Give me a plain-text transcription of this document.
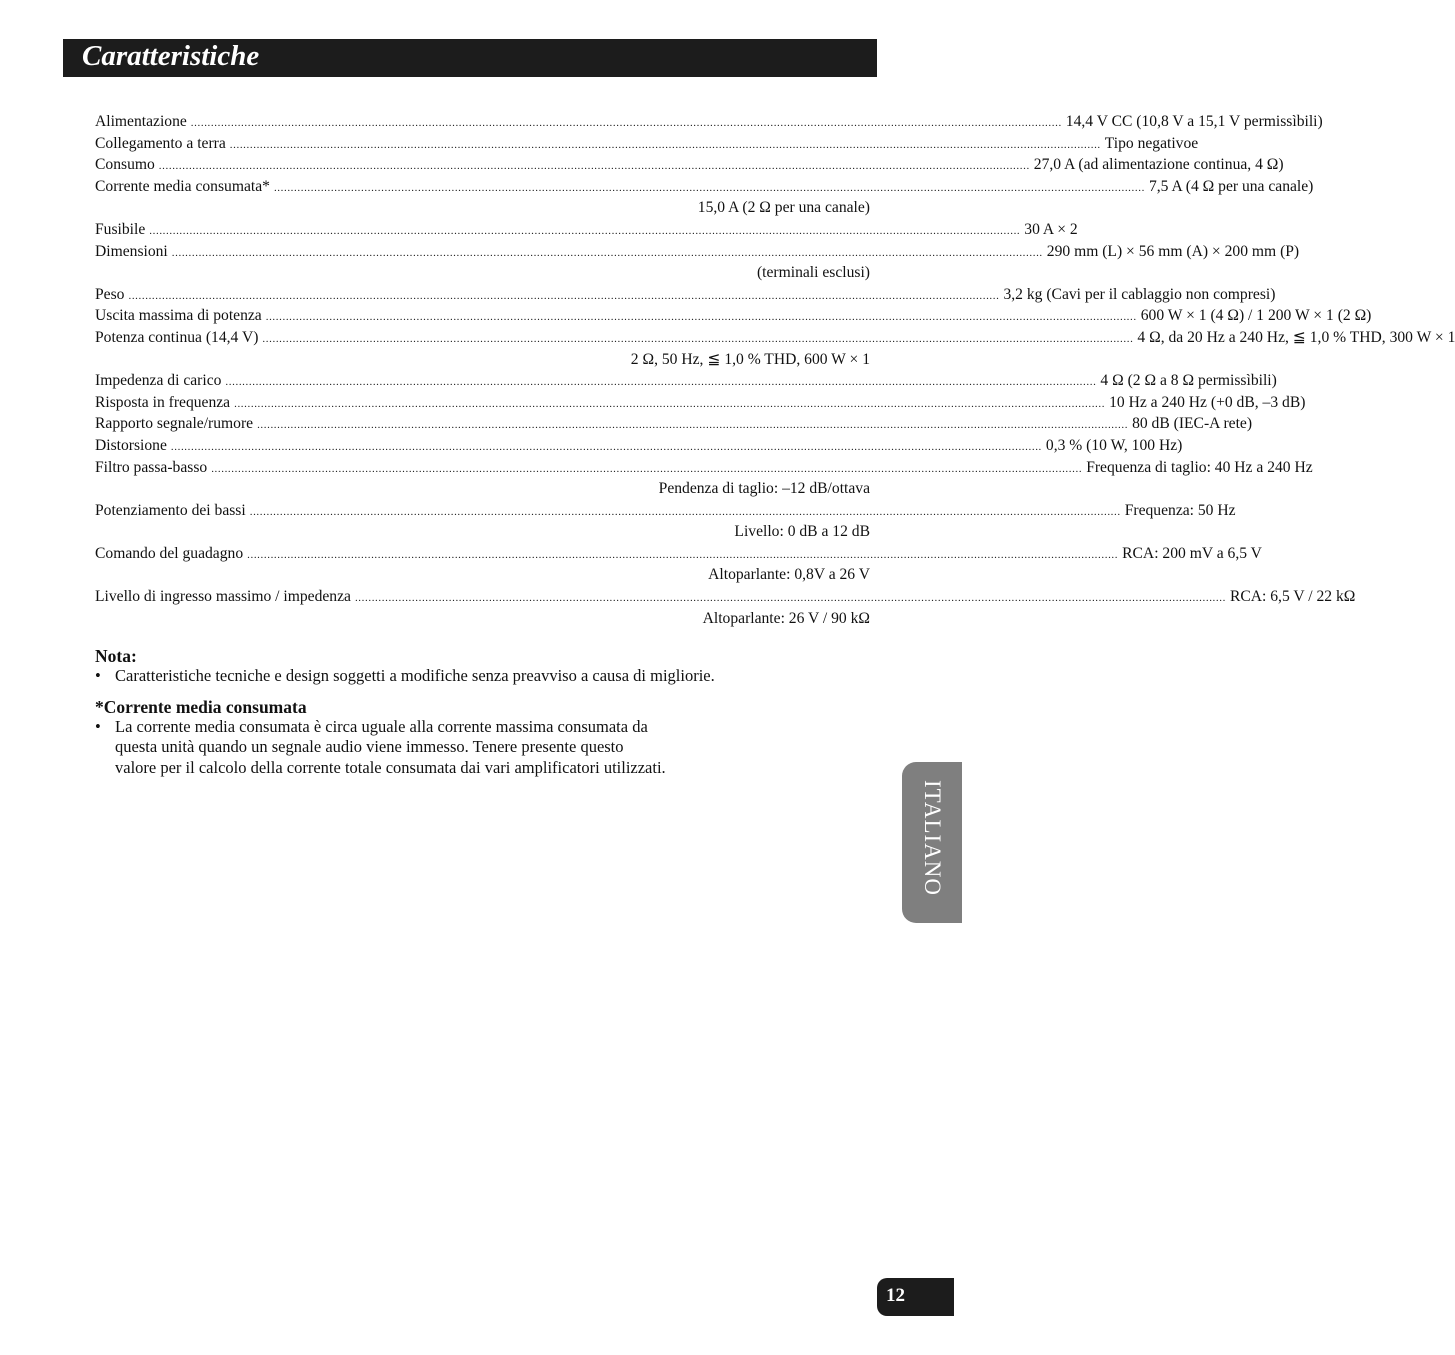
Caratteristiche
Alimentazione .................................................................................................................................................................................................................................................................... 14,4 V CC (10,8 V a 15,1 V permissìbili)
Collegamento a terra .................................................................................................................................................................................................................................................................... Tipo negativoe
Consumo .................................................................................................................................................................................................................................................................... 27,0 A (ad alimentazione continua, 4 Ω)
Corrente media consumata* .................................................................................................................................................................................................................................................................... 7,5 A (4 Ω per una canale)
15,0 A (2 Ω per una canale)
Fusibile .................................................................................................................................................................................................................................................................... 30 A × 2
Dimensioni .................................................................................................................................................................................................................................................................... 290 mm (L) × 56 mm (A) × 200 mm (P)
(terminali esclusi)
Peso .................................................................................................................................................................................................................................................................... 3,2 kg (Cavi per il cablaggio non compresi)
Uscita massima di potenza .................................................................................................................................................................................................................................................................... 600 W × 1 (4 Ω) / 1 200 W × 1 (2 Ω)
Potenza continua (14,4 V) .................................................................................................................................................................................................................................................................... 4 Ω, da 20 Hz a 240 Hz, ≦ 1,0 % THD, 300 W × 1
2 Ω, 50 Hz, ≦ 1,0 % THD, 600 W × 1
Impedenza di carico .................................................................................................................................................................................................................................................................... 4 Ω (2 Ω a 8 Ω permissìbili)
Risposta in frequenza .................................................................................................................................................................................................................................................................... 10 Hz a 240 Hz (+0 dB, –3 dB)
Rapporto segnale/rumore .................................................................................................................................................................................................................................................................... 80 dB (IEC-A rete)
Distorsione .................................................................................................................................................................................................................................................................... 0,3 % (10 W, 100 Hz)
Filtro passa-basso .................................................................................................................................................................................................................................................................... Frequenza di taglio: 40 Hz a 240 Hz
Pendenza di taglio: –12 dB/ottava
Potenziamento dei bassi .................................................................................................................................................................................................................................................................... Frequenza: 50 Hz
Livello: 0 dB a 12 dB
Comando del guadagno .................................................................................................................................................................................................................................................................... RCA: 200 mV a 6,5 V
Altoparlante: 0,8V a 26 V
Livello di ingresso massimo / impedenza .................................................................................................................................................................................................................................................................... RCA: 6,5 V / 22 kΩ
Altoparlante: 26 V / 90 kΩ

Nota:

• Caratteristiche tecniche e design soggetti a modifiche senza preavviso a causa di migliorie.

*Corrente media consumata

• La corrente media consumata è circa uguale alla corrente massima consumata da
questa unità quando un segnale audio viene immesso. Tenere presente questo
valore per il calcolo della corrente totale consumata dai vari amplificatori utilizzati.
ITALIANO
12
